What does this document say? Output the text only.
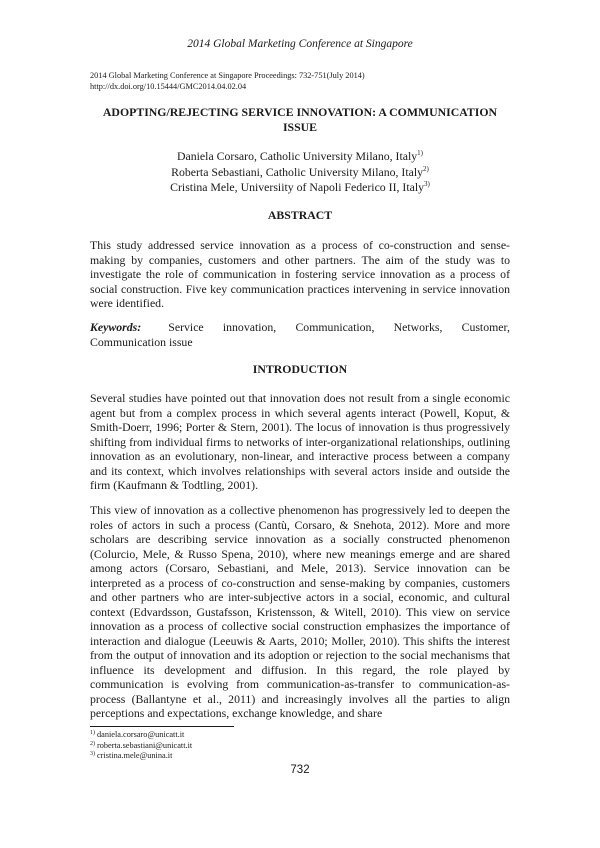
2014 Global Marketing Conference at Singapore
2014 Global Marketing Conference at Singapore Proceedings: 732-751(July 2014)
http://dx.doi.org/10.15444/GMC2014.04.02.04
ADOPTING/REJECTING SERVICE INNOVATION: A COMMUNICATION ISSUE
Daniela Corsaro, Catholic University Milano, Italy$^{1)}$
Roberta Sebastiani, Catholic University Milano, Italy$^{2)}$
Cristina Mele, Universiity of Napoli Federico II, Italy$^{3)}$
ABSTRACT
This study addressed service innovation as a process of co-construction and sense-making by companies, customers and other partners. The aim of the study was to investigate the role of communication in fostering service innovation as a process of social construction. Five key communication practices intervening in service innovation were identified.
Keywords: Service innovation, Communication, Networks, Customer,
Communication issue
INTRODUCTION
Several studies have pointed out that innovation does not result from a single economic agent but from a complex process in which several agents interact (Powell, Koput, & Smith-Doerr, 1996; Porter & Stern, 2001). The locus of innovation is thus progressively shifting from individual firms to networks of inter-organizational relationships, outlining innovation as an evolutionary, non-linear, and interactive process between a company and its context, which involves relationships with several actors inside and outside the firm (Kaufmann & Todtling, 2001).
This view of innovation as a collective phenomenon has progressively led to deepen the roles of actors in such a process (Cantù, Corsaro, & Snehota, 2012). More and more scholars are describing service innovation as a socially constructed phenomenon (Colurcio, Mele, & Russo Spena, 2010), where new meanings emerge and are shared among actors (Corsaro, Sebastiani, and Mele, 2013). Service innovation can be interpreted as a process of co-construction and sense-making by companies, customers and other partners who are inter-subjective actors in a social, economic, and cultural context (Edvardsson, Gustafsson, Kristensson, & Witell, 2010). This view on service innovation as a process of collective social construction emphasizes the importance of interaction and dialogue (Leeuwis & Aarts, 2010; Moller, 2010). This shifts the interest from the output of innovation and its adoption or rejection to the social mechanisms that influence its development and diffusion. In this regard, the role played by communication is evolving from communication-as-transfer to communication-as-process (Ballantyne et al., 2011) and increasingly involves all the parties to align perceptions and expectations, exchange knowledge, and share
$^{1)}$ daniela.corsaro@unicatt.it
$^{2)}$ roberta.sebastiani@unicatt.it
$^{3)}$ cristina.mele@unina.it
732
